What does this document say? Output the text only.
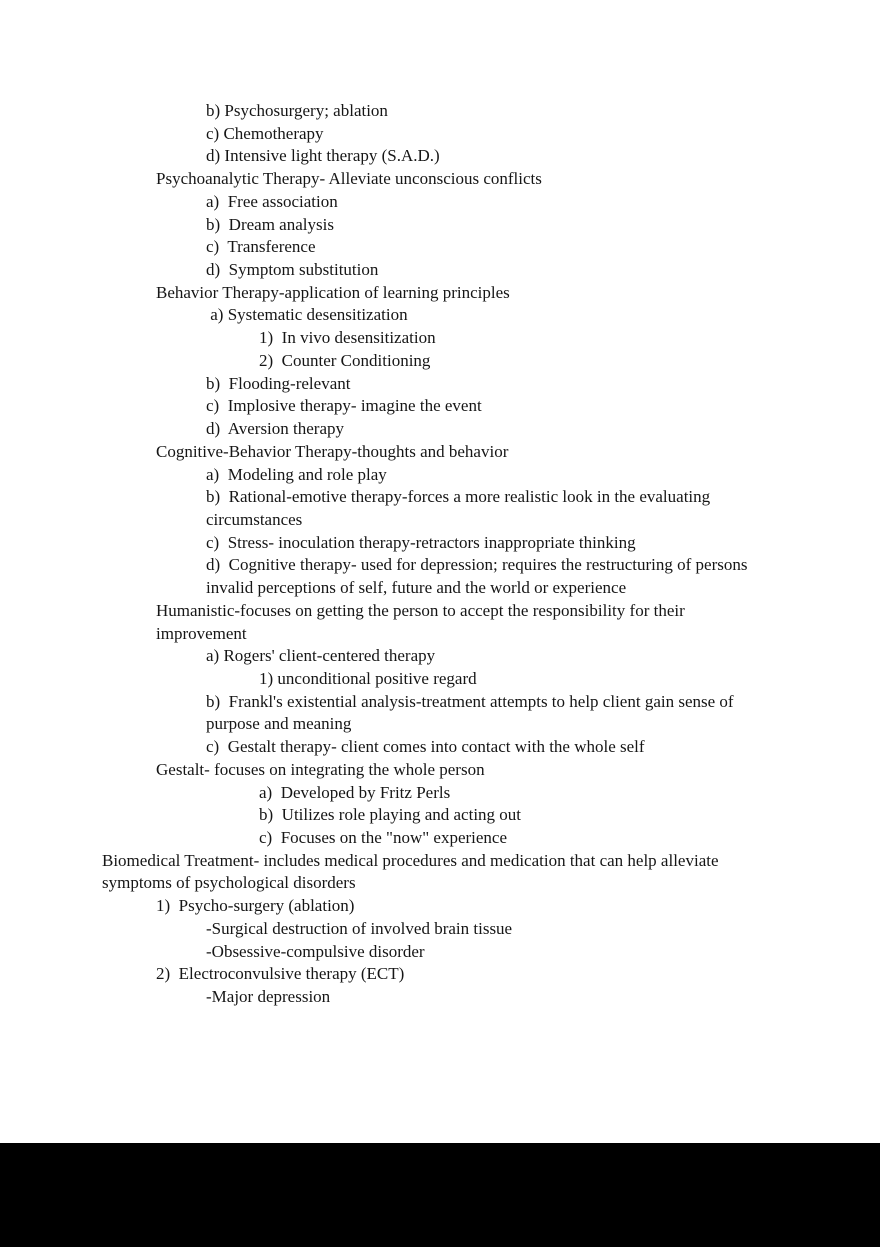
b) Psychosurgery; ablation
c) Chemotherapy
d) Intensive light therapy (S.A.D.)
Psychoanalytic Therapy- Alleviate unconscious conflicts
a)  Free association
b)  Dream analysis
c)  Transference
d)  Symptom substitution
Behavior Therapy-application of learning principles
a) Systematic desensitization
1)  In vivo desensitization
2)  Counter Conditioning
b)  Flooding-relevant
c)  Implosive therapy- imagine the event
d)  Aversion therapy
Cognitive-Behavior Therapy-thoughts and behavior
a)  Modeling and role play
b)  Rational-emotive therapy-forces a more realistic look in the evaluating
circumstances
c)  Stress- inoculation therapy-retractors inappropriate thinking
d)  Cognitive therapy- used for depression; requires the restructuring of persons
invalid perceptions of self, future and the world or experience
Humanistic-focuses on getting the person to accept the responsibility for their
improvement
a) Rogers' client-centered therapy
1) unconditional positive regard
b)  Frankl's existential analysis-treatment attempts to help client gain sense of
purpose and meaning
c)  Gestalt therapy- client comes into contact with the whole self
Gestalt- focuses on integrating the whole person
a)  Developed by Fritz Perls
b)  Utilizes role playing and acting out
c)  Focuses on the "now" experience
Biomedical Treatment- includes medical procedures and medication that can help alleviate
symptoms of psychological disorders
1)  Psycho-surgery (ablation)
-Surgical destruction of involved brain tissue
-Obsessive-compulsive disorder
2)  Electroconvulsive therapy (ECT)
-Major depression
